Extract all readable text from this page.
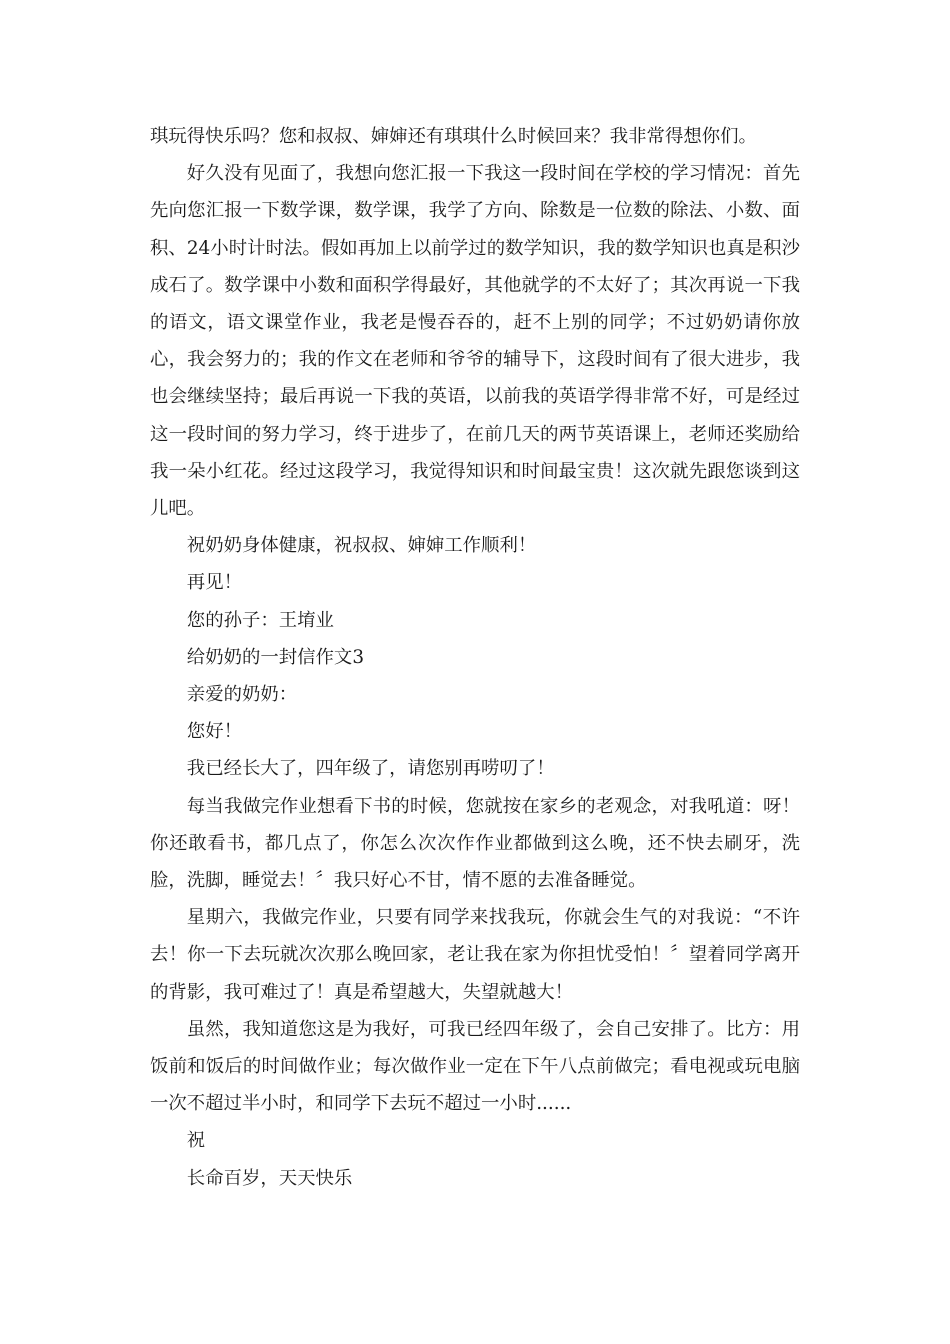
琪玩得快乐吗？您和叔叔、婶婶还有琪琪什么时候回来？我非常得想你们。

好久没有见面了，我想向您汇报一下我这一段时间在学校的学习情况：首先先向您汇报一下数学课，数学课，我学了方向、除数是一位数的除法、小数、面积、24小时计时法。假如再加上以前学过的数学知识，我的数学知识也真是积沙成石了。数学课中小数和面积学得最好，其他就学的不太好了；其次再说一下我的语文，语文课堂作业，我老是慢吞吞的，赶不上别的同学；不过奶奶请你放心，我会努力的；我的作文在老师和爷爷的辅导下，这段时间有了很大进步，我也会继续坚持；最后再说一下我的英语，以前我的英语学得非常不好，可是经过这一段时间的努力学习，终于进步了，在前几天的两节英语课上，老师还奖励给我一朵小红花。经过这段学习，我觉得知识和时间最宝贵！这次就先跟您谈到这儿吧。

祝奶奶身体健康，祝叔叔、婶婶工作顺利！

再见！

您的孙子：王堉业

给奶奶的一封信作文3

亲爱的奶奶：

您好！

我已经长大了，四年级了，请您别再唠叨了！

每当我做完作业想看下书的时候，您就按在家乡的老观念，对我吼道：呀！你还敢看书，都几点了，你怎么次次作作业都做到这么晚，还不快去刷牙，洗脸，洗脚，睡觉去！〞我只好心不甘，情不愿的去准备睡觉。

星期六，我做完作业，只要有同学来找我玩，你就会生气的对我说：“不许去！你一下去玩就次次那么晚回家，老让我在家为你担忧受怕！〞望着同学离开的背影，我可难过了！真是希望越大，失望就越大！

虽然，我知道您这是为我好，可我已经四年级了，会自己安排了。比方：用饭前和饭后的时间做作业；每次做作业一定在下午八点前做完；看电视或玩电脑一次不超过半小时，和同学下去玩不超过一小时......

祝

长命百岁，天天快乐
